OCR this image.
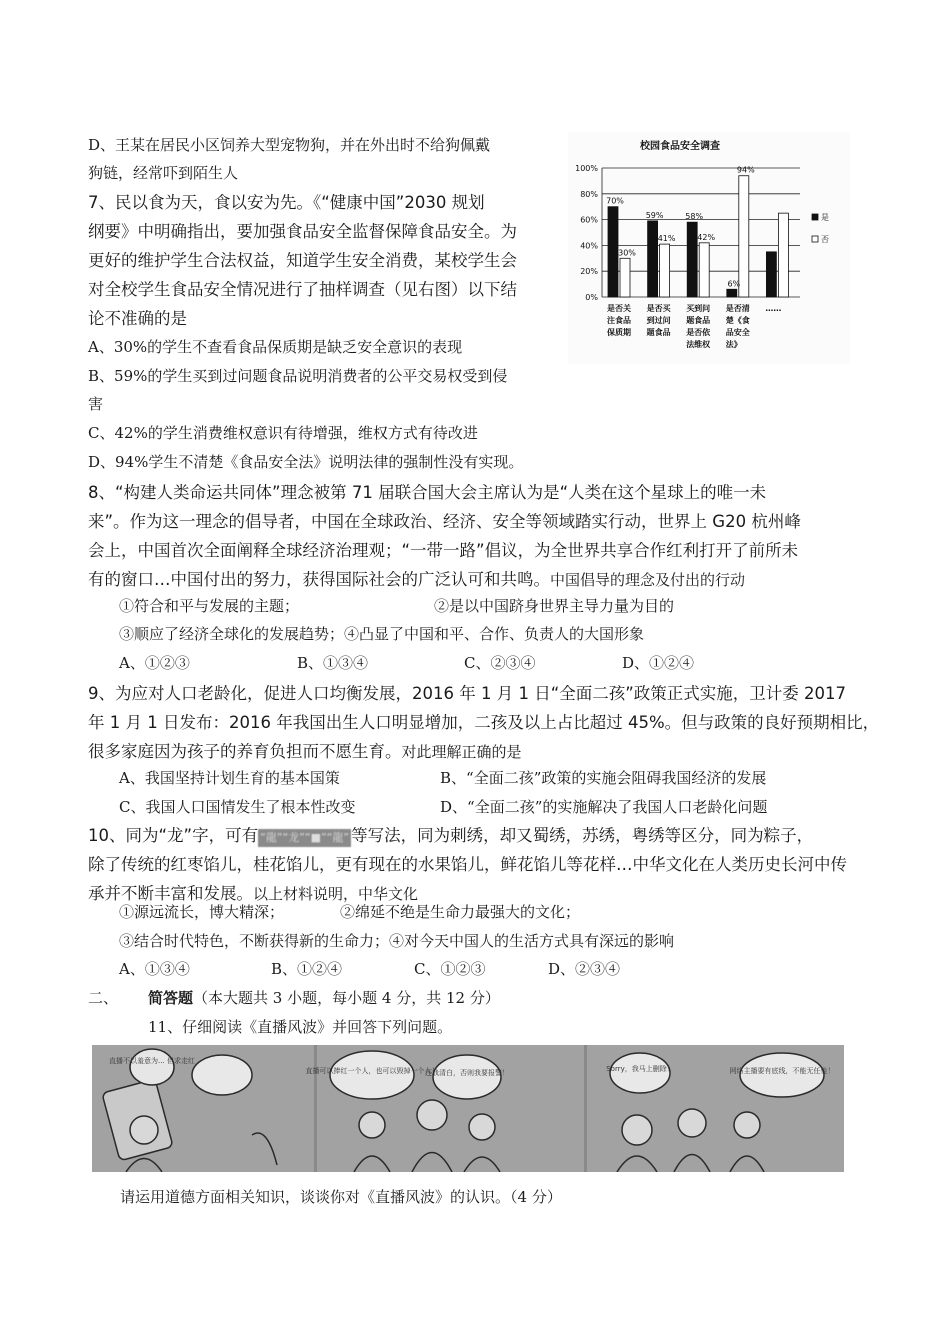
D、王某在居民小区饲养大型宠物狗，并在外出时不给狗佩戴
狗链，经常吓到陌生人
7、民以食为天，食以安为先。《“健康中国”2030 规划
纲要》中明确指出，要加强食品安全监督保障食品安全。为
更好的维护学生合法权益，知道学生安全消费，某校学生会
对全校学生食品安全情况进行了抽样调查（见右图）以下结
论不准确的是
A、30%的学生不查看食品保质期是缺乏安全意识的表现
B、59%的学生买到过问题食品说明消费者的公平交易权受到侵
害
C、42%的学生消费维权意识有待增强，维权方式有待改进
D、94%学生不清楚《食品安全法》说明法律的强制性没有实现。
8、“构建人类命运共同体”理念被第 71 届联合国大会主席认为是“人类在这个星球上的唯一未
来”。作为这一理念的倡导者，中国在全球政治、经济、安全等领域踏实行动，世界上 G20 杭州峰
会上，中国首次全面阐释全球经济治理观；“一带一路”倡议，为全世界共享合作红利打开了前所未
有的窗口…中国付出的努力，获得国际社会的广泛认可和共鸣。中国倡导的理念及付出的行动
①符合和平与发展的主题；	②是以中国跻身世界主导力量为目的
③顺应了经济全球化的发展趋势；④凸显了中国和平、合作、负责人的大国形象
A、①②③	B、①③④	C、②③④	D、①②④
9、为应对人口老龄化，促进人口均衡发展，2016 年 1 月 1 日“全面二孩”政策正式实施，卫计委 2017
年 1 月 1 日发布：2016 年我国出生人口明显增加，二孩及以上占比超过 45%。但与政策的良好预期相比，
很多家庭因为孩子的养育负担而不愿生育。对此理解正确的是
A、我国坚持计划生育的基本国策	B、“全面二孩”政策的实施会阻碍我国经济的发展
C、我国人口国情发生了根本性改变	D、“全面二孩”的实施解决了我国人口老龄化问题
10、同为“龙”字，可有 “龍”“龙”“■”“龍” 等写法，同为刺绣，却又蜀绣，苏绣，粤绣等区分，同为粽子，
除了传统的红枣馅儿，桂花馅儿，更有现在的水果馅儿，鲜花馅儿等花样…中华文化在人类历史长河中传
承并不断丰富和发展。以上材料说明，中华文化
①源远流长，博大精深；	②绵延不绝是生命力最强大的文化；
③结合时代特色，不断获得新的生命力；④对今天中国人的生活方式具有深远的影响
A、①③④	B、①②④	C、①②③	D、②③④
二、 简答题（本大题共 3 小题，每小题 4 分，共 12 分）
11、仔细阅读《直播风波》并回答下列问题。
直播不以羞意为... 但求走红
直播可以捧红一个人，也可以毁掉一个人！
还我清白，否则我要报警！	Sorry，我马上删除！	网络主播要有底线，不能无任性！
请运用道德方面相关知识，谈谈你对《直播风波》的认识。（4 分）
校园食品安全调查
0%
20%
40%
60%
80%
100%
70%
30%
是否关
注食品
保质期
59%
41%
是否买
到过问
题食品
58%
42%
买到问
题食品
是否依
法维权
6%
94%
是否清
楚《食
品安全
法》
……
是
否
